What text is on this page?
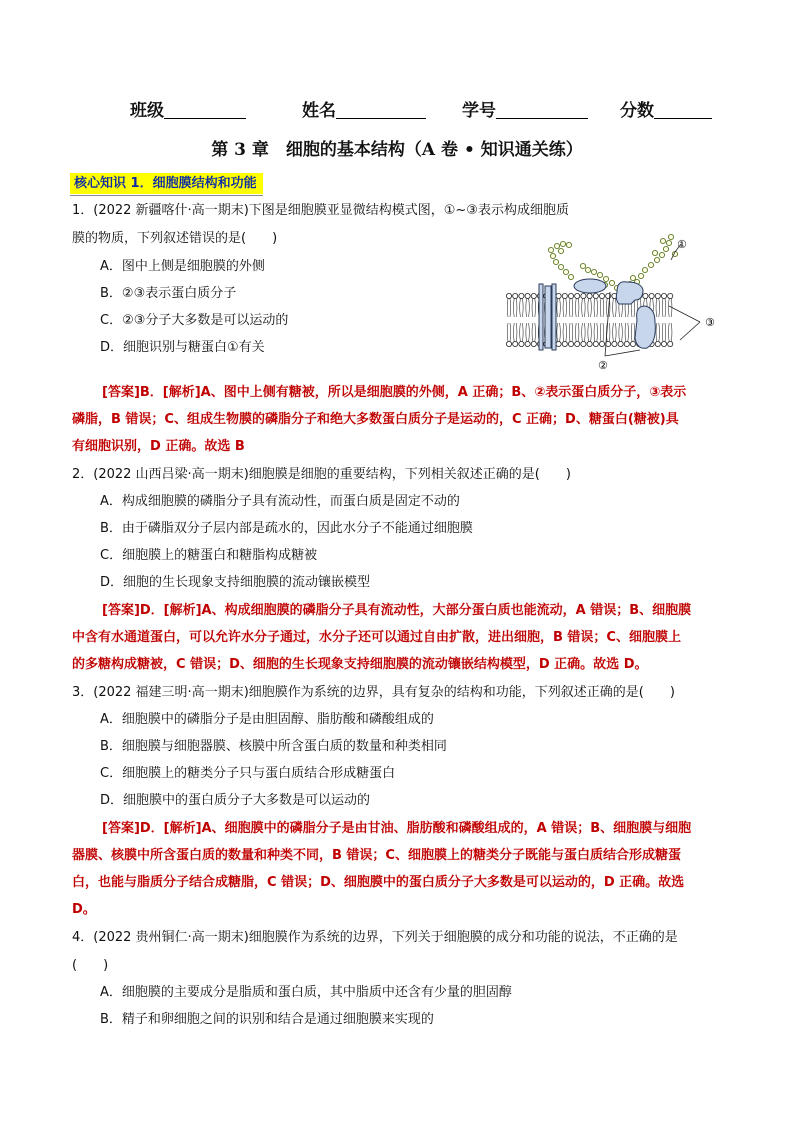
班级	姓名	学号	分数
第 3 章　细胞的基本结构（A 卷 • 知识通关练）
核心知识 1．细胞膜结构和功能
1．(2022 新疆喀什·高一期末)下图是细胞膜亚显微结构模式图，①~③表示构成细胞质
膜的物质，下列叙述错误的是(　　)
A．图中上侧是细胞膜的外侧
B．②③表示蛋白质分子
C．②③分子大多数是可以运动的
D．细胞识别与糖蛋白①有关
[答案]B．[解析]A、图中上侧有糖被，所以是细胞膜的外侧，A 正确；B、②表示蛋白质分子，③表示
磷脂，B 错误；C、组成生物膜的磷脂分子和绝大多数蛋白质分子是运动的，C 正确；D、糖蛋白(糖被)具
有细胞识别，D 正确。故选 B
2．(2022 山西吕梁·高一期末)细胞膜是细胞的重要结构，下列相关叙述正确的是(　　)
A．构成细胞膜的磷脂分子具有流动性，而蛋白质是固定不动的
B．由于磷脂双分子层内部是疏水的，因此水分子不能通过细胞膜
C．细胞膜上的糖蛋白和糖脂构成糖被
D．细胞的生长现象支持细胞膜的流动镶嵌模型
[答案]D．[解析]A、构成细胞膜的磷脂分子具有流动性，大部分蛋白质也能流动，A 错误；B、细胞膜
中含有水通道蛋白，可以允许水分子通过，水分子还可以通过自由扩散，进出细胞，B 错误；C、细胞膜上
的多糖构成糖被，C 错误；D、细胞的生长现象支持细胞膜的流动镶嵌结构模型，D 正确。故选 D。
3．(2022 福建三明·高一期末)细胞膜作为系统的边界，具有复杂的结构和功能，下列叙述正确的是(　　)
A．细胞膜中的磷脂分子是由胆固醇、脂肪酸和磷酸组成的
B．细胞膜与细胞器膜、核膜中所含蛋白质的数量和种类相同
C．细胞膜上的糖类分子只与蛋白质结合形成糖蛋白
D．细胞膜中的蛋白质分子大多数是可以运动的
[答案]D．[解析]A、细胞膜中的磷脂分子是由甘油、脂肪酸和磷酸组成的，A 错误；B、细胞膜与细胞
器膜、核膜中所含蛋白质的数量和种类不同，B 错误；C、细胞膜上的糖类分子既能与蛋白质结合形成糖蛋
白，也能与脂质分子结合成糖脂，C 错误；D、细胞膜中的蛋白质分子大多数是可以运动的，D 正确。故选
D。
4．(2022 贵州铜仁·高一期末)细胞膜作为系统的边界，下列关于细胞膜的成分和功能的说法，不正确的是
(　　)
A．细胞膜的主要成分是脂质和蛋白质，其中脂质中还含有少量的胆固醇
B．精子和卵细胞之间的识别和结合是通过细胞膜来实现的
①
②
③
